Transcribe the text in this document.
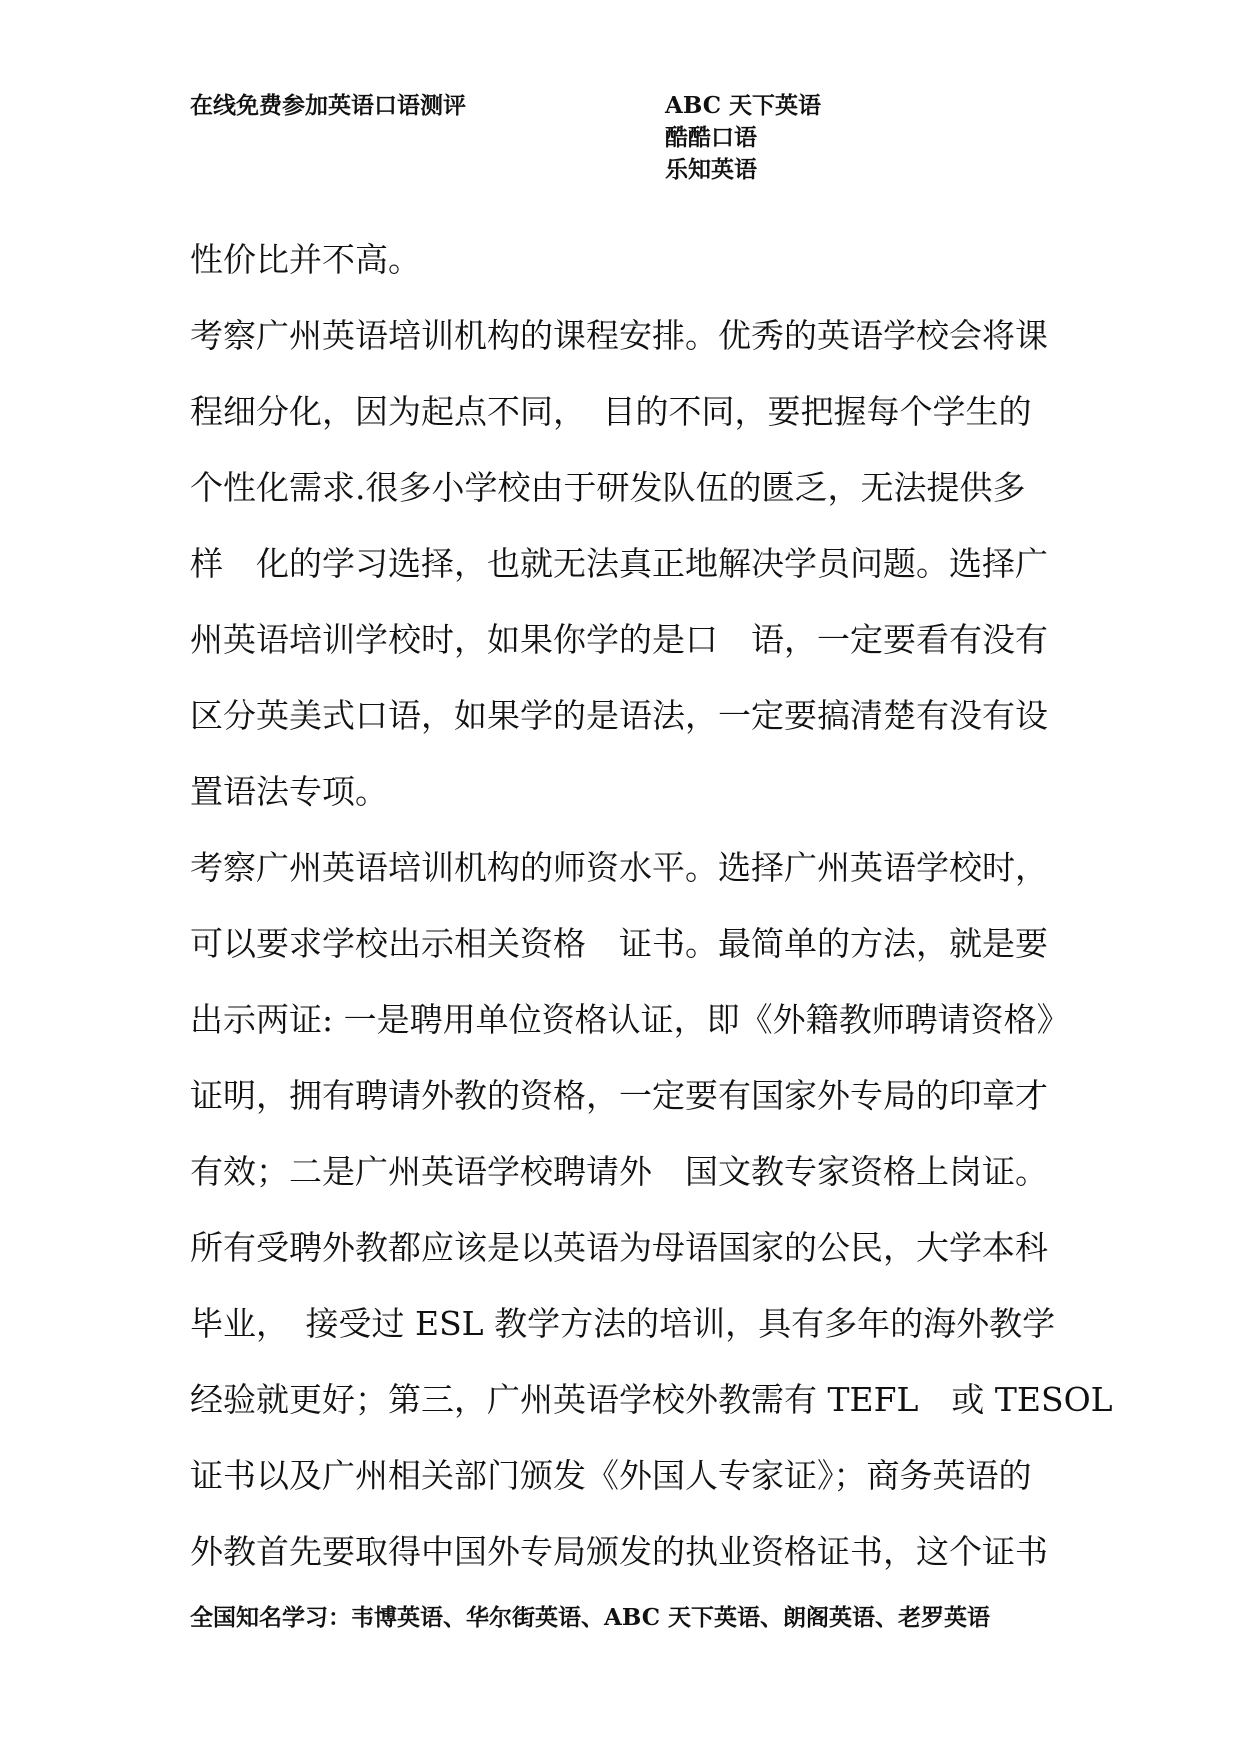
在线免费参加英语口语测评	ABC 天下英语
酷酷口语
乐知英语
性价比并不高。
考察广州英语培训机构的课程安排。优秀的英语学校会将课
程细分化，因为起点不同，　目的不同，要把握每个学生的
个性化需求.很多小学校由于研发队伍的匮乏，无法提供多
样　化的学习选择，也就无法真正地解决学员问题。选择广
州英语培训学校时，如果你学的是口　语，一定要看有没有
区分英美式口语，如果学的是语法，一定要搞清楚有没有设
置语法专项。
考察广州英语培训机构的师资水平。选择广州英语学校时，
可以要求学校出示相关资格　证书。最简单的方法，就是要
出示两证: 一是聘用单位资格认证，即《外籍教师聘请资格》
证明，拥有聘请外教的资格，一定要有国家外专局的印章才
有效；二是广州英语学校聘请外　国文教专家资格上岗证。
所有受聘外教都应该是以英语为母语国家的公民，大学本科
毕业，　接受过 ESL 教学方法的培训，具有多年的海外教学
经验就更好；第三，广州英语学校外教需有 TEFL　或 TESOL
证书以及广州相关部门颁发《外国人专家证》；商务英语的
外教首先要取得中国外专局颁发的执业资格证书，这个证书
全国知名学习：韦博英语、华尔街英语、ABC 天下英语、朗阁英语、老罗英语
